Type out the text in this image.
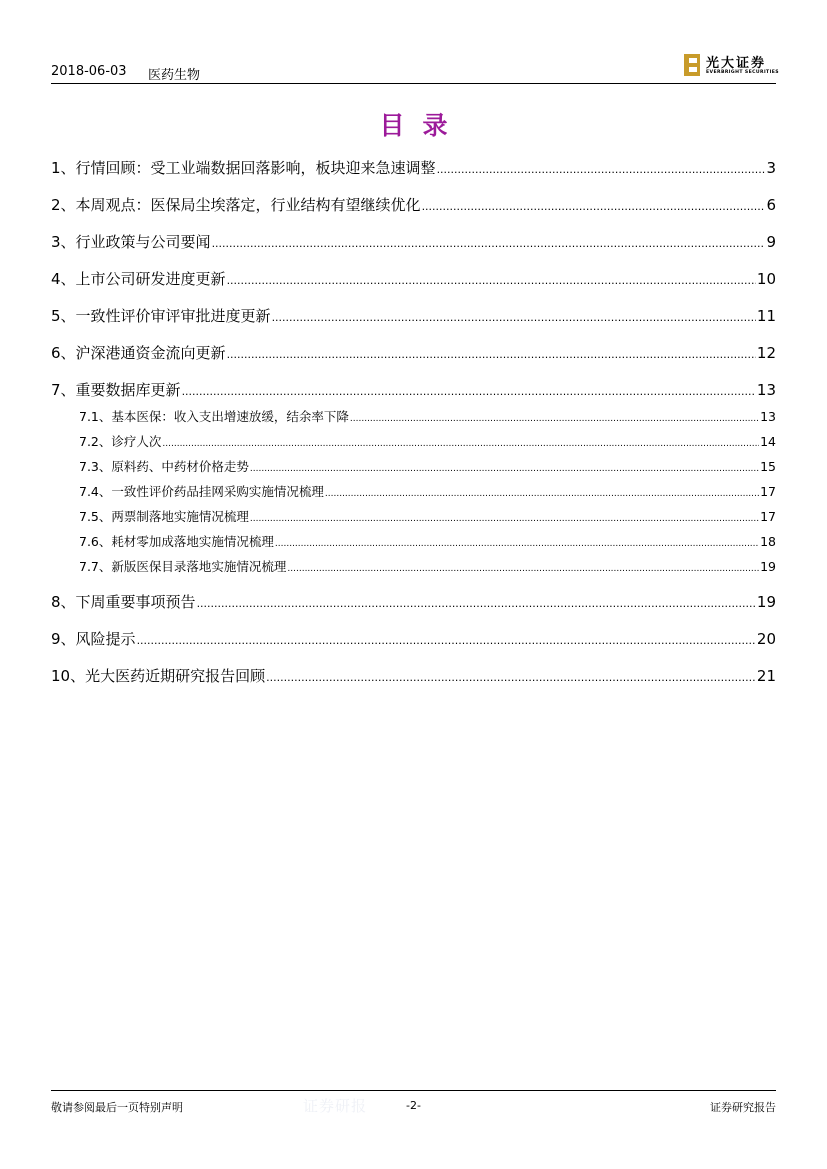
2018-06-03 医药生物
光大证券
EVERBRIGHT SECURITIES
目录
1、 行情回顾：受工业端数据回落影响，板块迎来急速调整 .....	3
2、 本周观点：医保局尘埃落定，行业结构有望继续优化 .....	6
3、 行业政策与公司要闻 .....	9
4、 上市公司研发进度更新 .....	10
5、 一致性评价审评审批进度更新 .....	11
6、 沪深港通资金流向更新 .....	12
7、 重要数据库更新 .....	13
7.1、 基本医保：收入支出增速放缓，结余率下降 .....	13
7.2、 诊疗人次 .....	14
7.3、 原料药、中药材价格走势 .....	15
7.4、 一致性评价药品挂网采购实施情况梳理 .....	17
7.5、 两票制落地实施情况梳理 .....	17
7.6、 耗材零加成落地实施情况梳理 .....	18
7.7、 新版医保目录落地实施情况梳理 .....	19
8、 下周重要事项预告 .....	19
9、 风险提示 .....	20
10、 光大医药近期研究报告回顾 .....	21
敬请参阅最后一页特别声明	证券研报	-2-	证券研究报告
